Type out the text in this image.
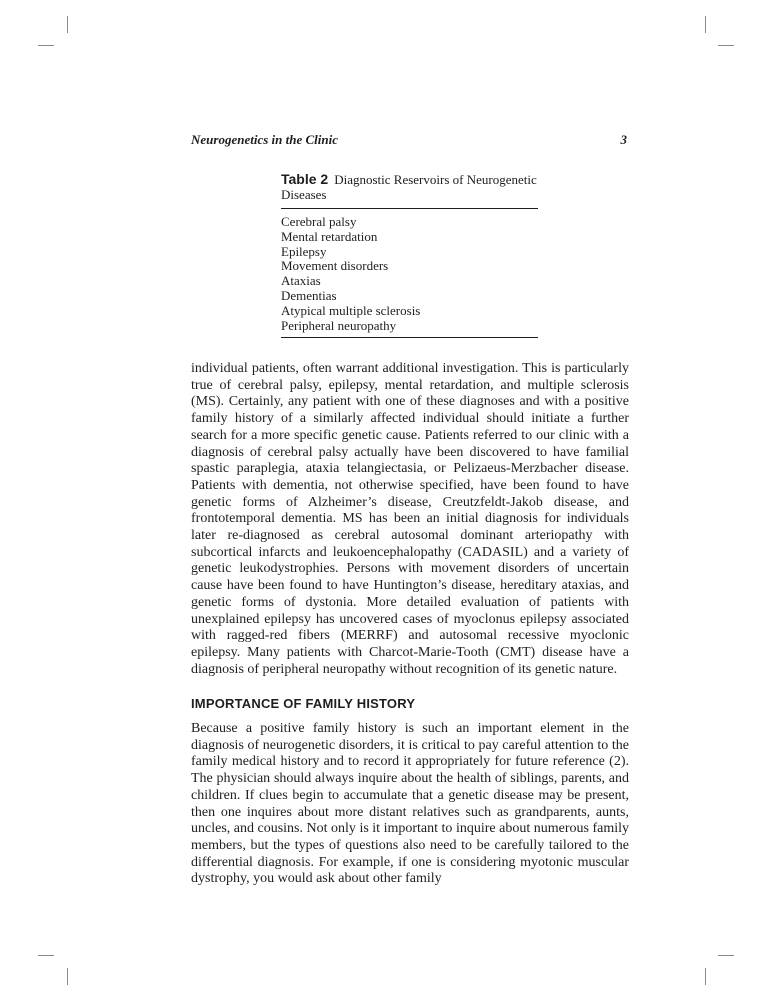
Neurogenetics in the Clinic	3

Table 2 Diagnostic Reservoirs of Neurogenetic Diseases

Cerebral palsy
Mental retardation
Epilepsy
Movement disorders
Ataxias
Dementias
Atypical multiple sclerosis
Peripheral neuropathy

individual patients, often warrant additional investigation. This is particularly true of cerebral palsy, epilepsy, mental retardation, and multiple sclerosis (MS). Certainly, any patient with one of these diagnoses and with a positive family history of a similarly affected individual should initiate a further search for a more specific genetic cause. Patients referred to our clinic with a diagnosis of cerebral palsy actually have been discovered to have familial spastic paraplegia, ataxia telangiectasia, or Pelizaeus-Merzbacher disease. Patients with dementia, not otherwise specified, have been found to have genetic forms of Alzheimer’s disease, Creutzfeldt-Jakob disease, and frontotemporal dementia. MS has been an initial diagnosis for individuals later re-diagnosed as cerebral autosomal dominant arteriopathy with subcortical infarcts and leukoencephalopathy (CADASIL) and a variety of genetic leukodystrophies. Persons with movement disorders of uncertain cause have been found to have Huntington’s disease, hereditary ataxias, and genetic forms of dystonia. More detailed evaluation of patients with unexplained epilepsy has uncovered cases of myoclonus epilepsy associated with ragged-red fibers (MERRF) and autosomal recessive myoclonic epilepsy. Many patients with Charcot-Marie-Tooth (CMT) disease have a diagnosis of peripheral neuropathy without recognition of its genetic nature.

IMPORTANCE OF FAMILY HISTORY

Because a positive family history is such an important element in the diagnosis of neurogenetic disorders, it is critical to pay careful attention to the family medical history and to record it appropriately for future reference (2). The physician should always inquire about the health of siblings, parents, and children. If clues begin to accumulate that a genetic disease may be present, then one inquires about more distant relatives such as grandparents, aunts, uncles, and cousins. Not only is it important to inquire about numerous family members, but the types of questions also need to be carefully tailored to the differential diagnosis. For example, if one is considering myotonic muscular dystrophy, you would ask about other family
